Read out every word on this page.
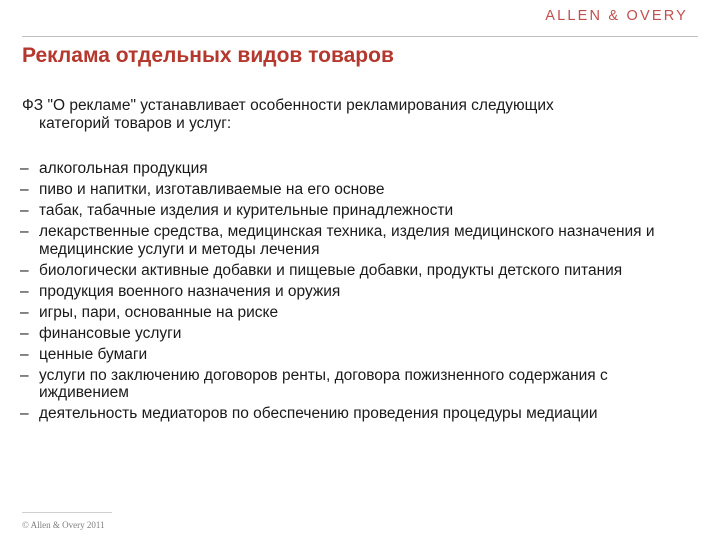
ALLEN & OVERY
Реклама отдельных видов товаров
ФЗ "О рекламе" устанавливает особенности рекламирования следующих
категорий товаров и услуг:
– алкогольная продукция
– пиво и напитки, изготавливаемые на его основе
– табак, табачные изделия и курительные принадлежности
– лекарственные средства, медицинская техника, изделия медицинского назначения и медицинские услуги и методы лечения
– биологически активные добавки и пищевые добавки, продукты детского питания
– продукция военного назначения и оружия
– игры, пари, основанные на риске
– финансовые услуги
– ценные бумаги
– услуги по заключению договоров ренты, договора пожизненного содержания с иждивением
– деятельность медиаторов по обеспечению проведения процедуры медиации
© Allen & Overy 2011
